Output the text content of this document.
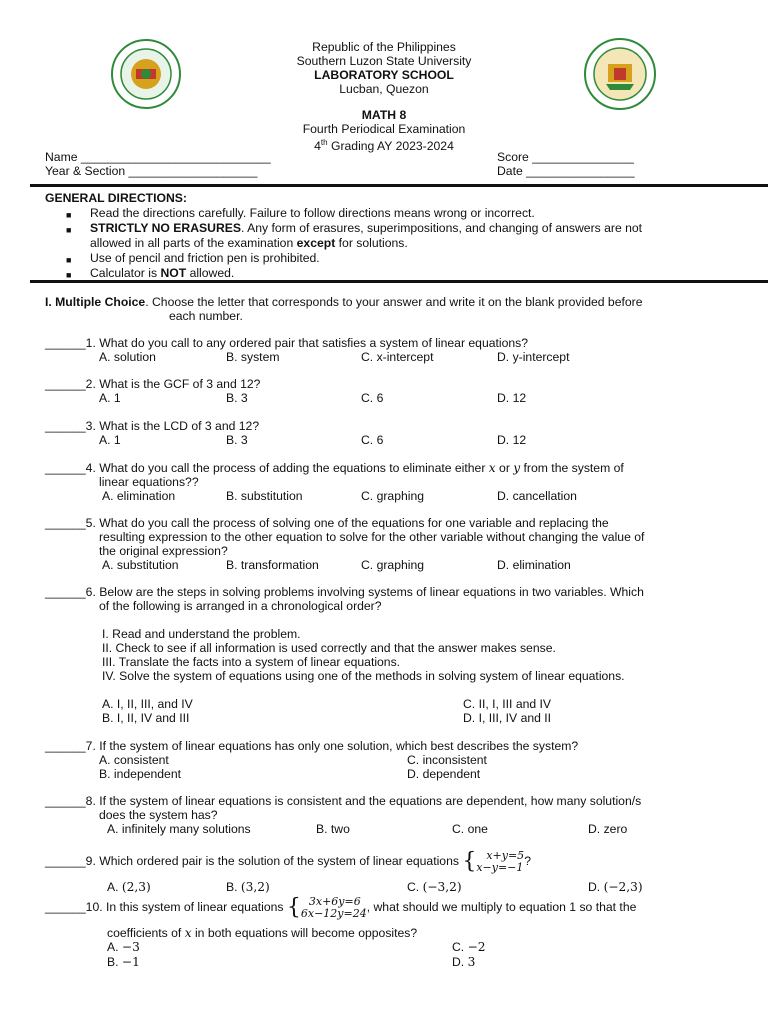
Republic of the Philippines
Southern Luzon State University
LABORATORY SCHOOL
Lucban, Quezon
MATH 8
Fourth Periodical Examination
4th Grading AY 2023-2024
Name ____________________________
Year & Section ___________________
Score _______________
Date ________________
GENERAL DIRECTIONS:
■ Read the directions carefully. Failure to follow directions means wrong or incorrect.
■ STRICTLY NO ERASURES. Any form of erasures, superimpositions, and changing of answers are not
allowed in all parts of the examination except for solutions.
■ Use of pencil and friction pen is prohibited.
■ Calculator is NOT allowed.
I. Multiple Choice. Choose the letter that corresponds to your answer and write it on the blank provided before
each number.
______1. What do you call to any ordered pair that satisfies a system of linear equations?
A. solution	B. system	C. x-intercept	D. y-intercept
______2. What is the GCF of 3 and 12?
A. 1	B. 3	C. 6	D. 12
______3. What is the LCD of 3 and 12?
A. 1	B. 3	C. 6	D. 12
______4. What do you call the process of adding the equations to eliminate either x or y from the system of
linear equations??
A. elimination	B. substitution	C. graphing	D. cancellation
______5. What do you call the process of solving one of the equations for one variable and replacing the
resulting expression to the other equation to solve for the other variable without changing the value of
the original expression?
A. substitution	B. transformation	C. graphing	D. elimination
______6. Below are the steps in solving problems involving systems of linear equations in two variables. Which
of the following is arranged in a chronological order?
I. Read and understand the problem.
II. Check to see if all information is used correctly and that the answer makes sense.
III. Translate the facts into a system of linear equations.
IV. Solve the system of equations using one of the methods in solving system of linear equations.
A. I, II, III, and IV
B. I, II, IV and III
C. II, I, III and IV
D. I, III, IV and II
______7. If the system of linear equations has only one solution, which best describes the system?
A. consistent
B. independent
C. inconsistent
D. dependent
______8. If the system of linear equations is consistent and the equations are dependent, how many solution/s
does the system has?
A. infinitely many solutions	B. two	C. one	D. zero
______9. Which ordered pair is the solution of the system of linear equations { x+y=5
x−y=−1 ?
A. (2,3)	B. (3,2)	C. (−3,2)	D. (−2,3)
______10. In this system of linear equations { 3x+6y=6
6x−12y=24 , what should we multiply to equation 1 so that the
coefficients of x in both equations will become opposites?
A. −3
B. −1
C. −2
D. 3
